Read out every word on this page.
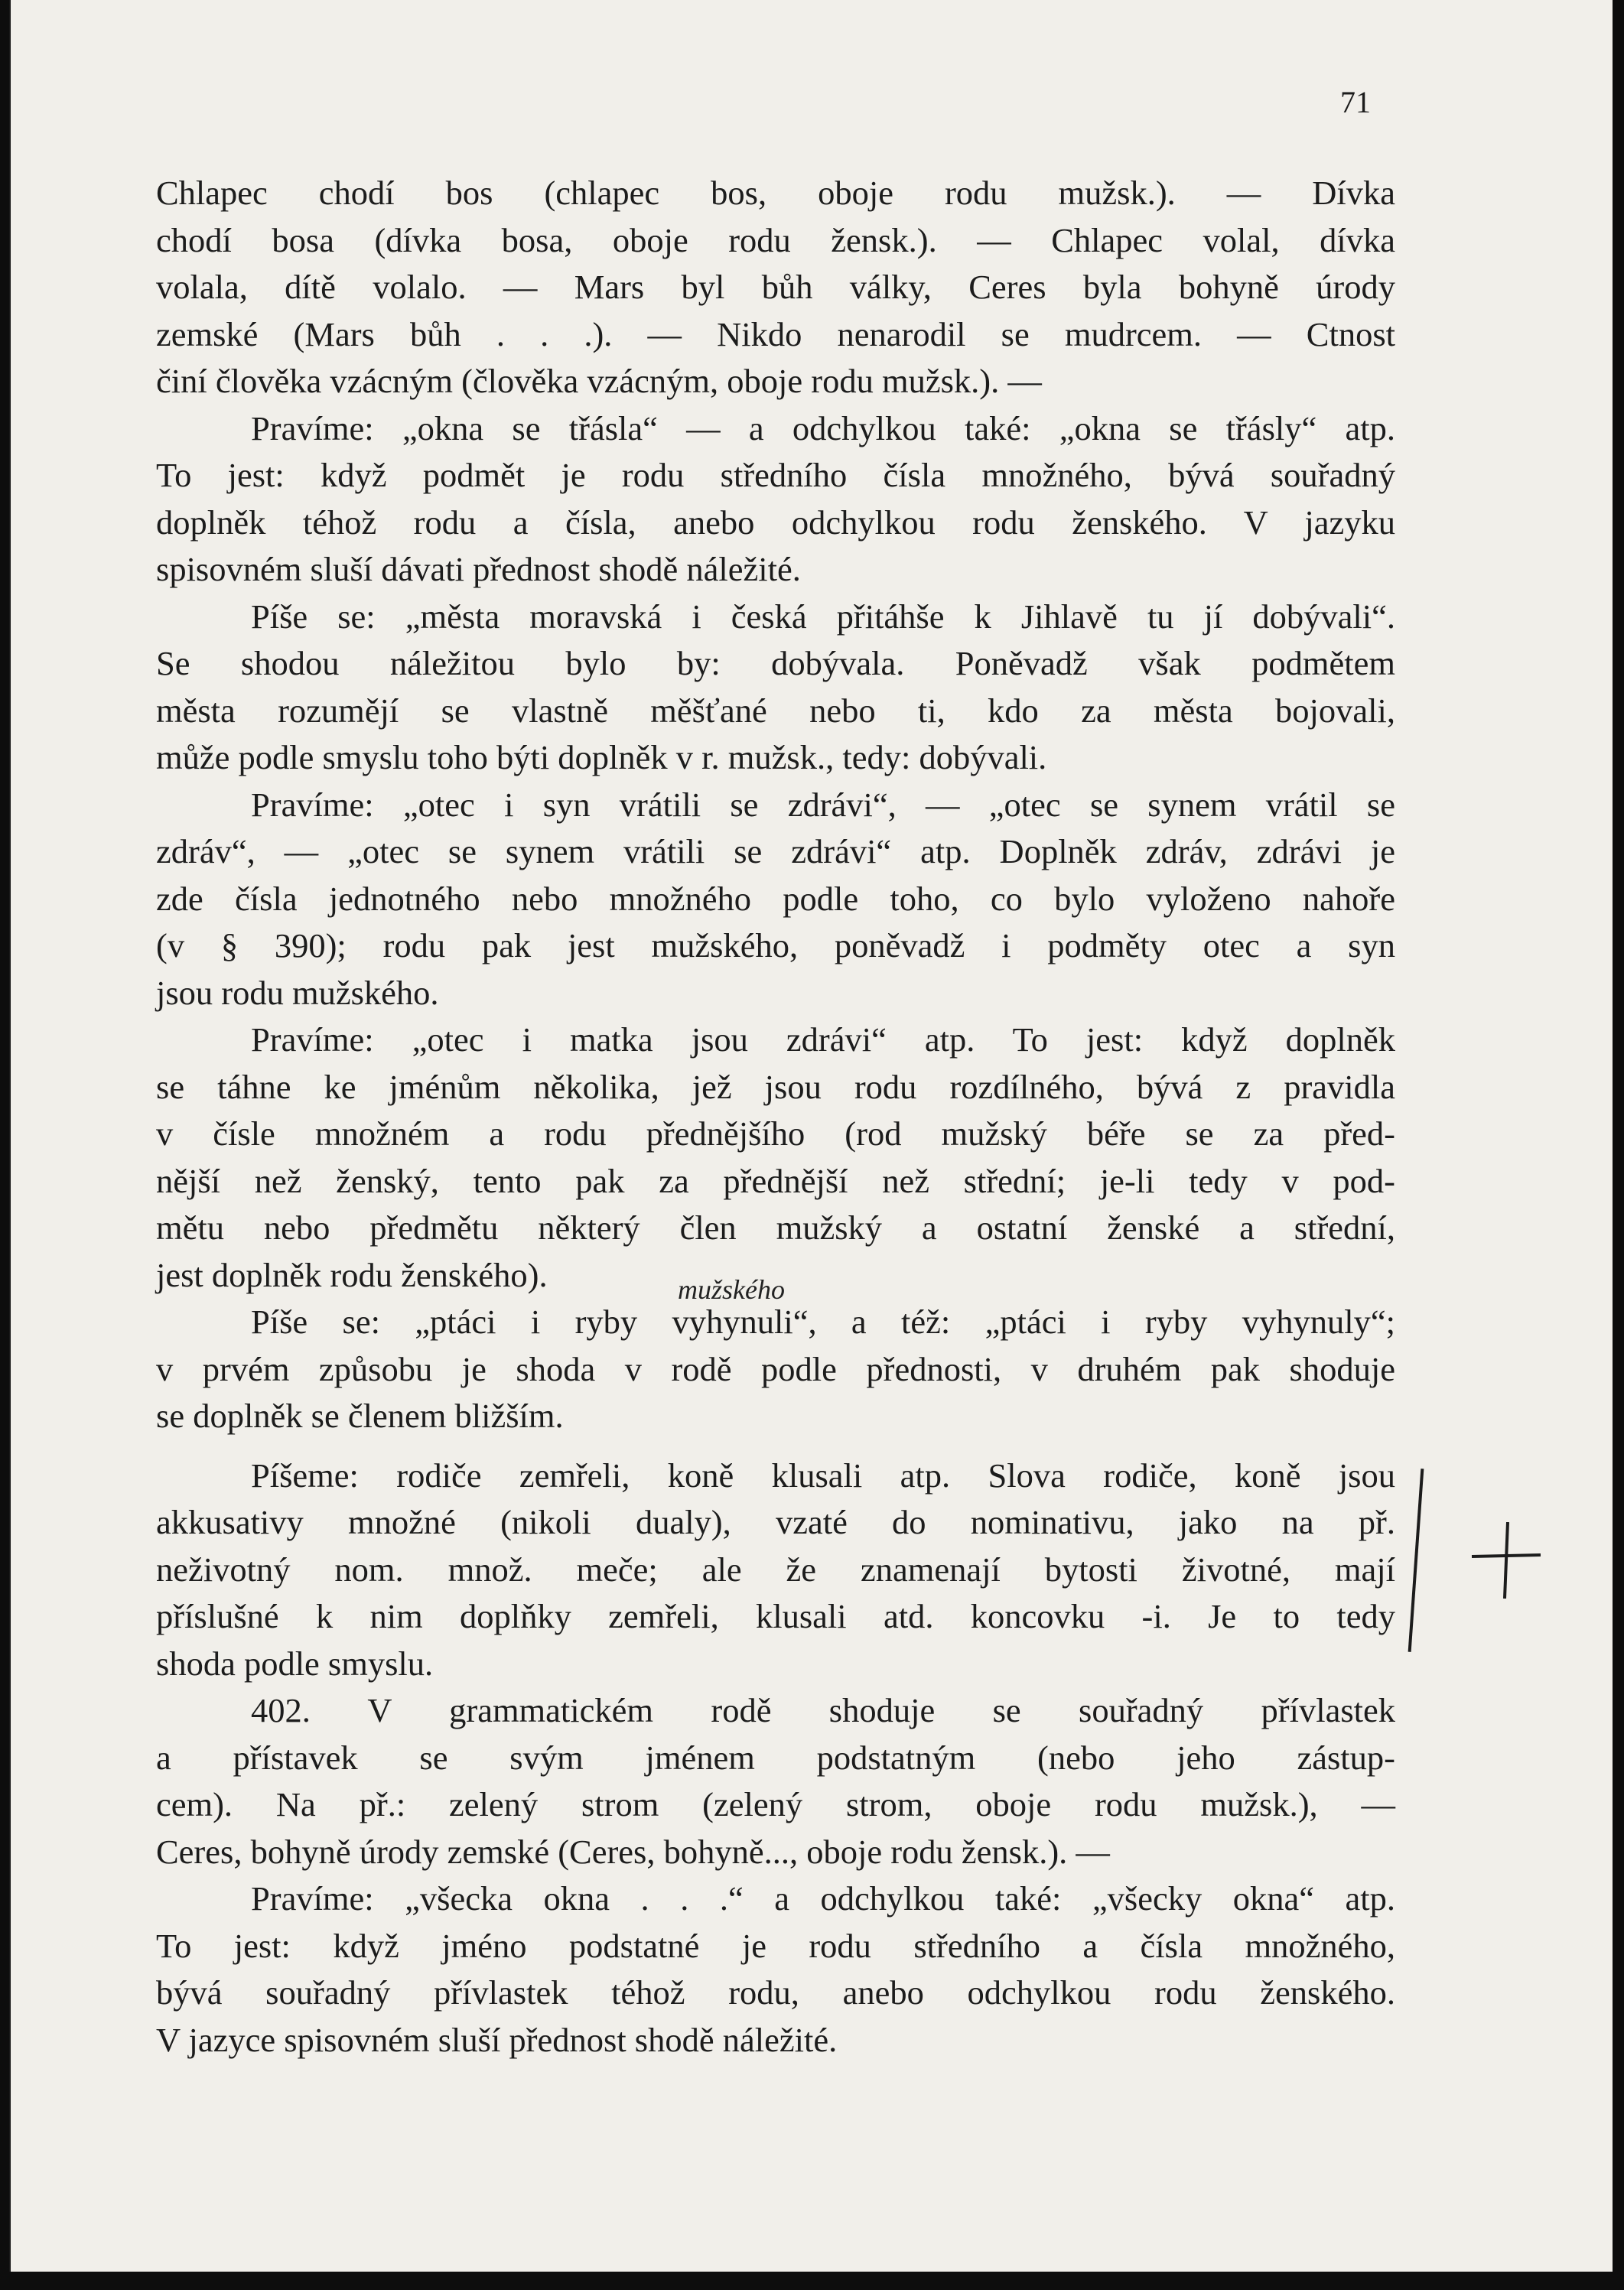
71
Chlapec chodí bos (chlapec bos, oboje rodu mužsk.). — Dívka
chodí bosa (dívka bosa, oboje rodu žensk.). — Chlapec volal, dívka
volala, dítě volalo. — Mars byl bůh války, Ceres byla bohyně úrody
zemské (Mars bůh . . .). — Nikdo nenarodil se mudrcem. — Ctnost
činí člověka vzácným (člověka vzácným, oboje rodu mužsk.). —
Pravíme: „okna se třásla“ — a odchylkou také: „okna se třásly“ atp.
To jest: když podmět je rodu středního čísla množného, bývá souřadný
doplněk téhož rodu a čísla, anebo odchylkou rodu ženského. V jazyku
spisovném sluší dávati přednost shodě náležité.
Píše se: „města moravská i česká přitáhše k Jihlavě tu jí dobývali“.
Se shodou náležitou bylo by: dobývala. Poněvadž však podmětem
města rozumějí se vlastně měšťané nebo ti, kdo za města bojovali,
může podle smyslu toho býti doplněk v r. mužsk., tedy: dobývali.
Pravíme: „otec i syn vrátili se zdrávi“, — „otec se synem vrátil se
zdráv“, — „otec se synem vrátili se zdrávi“ atp. Doplněk zdráv, zdrávi je
zde čísla jednotného nebo množného podle toho, co bylo vyloženo nahoře
(v § 390); rodu pak jest mužského, poněvadž i podměty otec a syn
jsou rodu mužského.
Pravíme: „otec i matka jsou zdrávi“ atp. To jest: když doplněk
se táhne ke jménům několika, jež jsou rodu rozdílného, bývá z pravidla
v čísle množném a rodu přednějšího (rod mužský béře se za před-
nější než ženský, tento pak za přednější než střední; je-li tedy v pod-
mětu nebo předmětu některý člen mužský a ostatní ženské a střední,
jest doplněk rodu ženského).
Píše se: „ptáci i ryby vyhynuli“, a též: „ptáci i ryby vyhynuly“;
v prvém způsobu je shoda v rodě podle přednosti, v druhém pak shoduje
se doplněk se členem bližším.
Píšeme: rodiče zemřeli, koně klusali atp. Slova rodiče, koně jsou
akkusativy množné (nikoli dualy), vzaté do nominativu, jako na př.
neživotný nom. množ. meče; ale že znamenají bytosti životné, mají
příslušné k nim doplňky zemřeli, klusali atd. koncovku -i. Je to tedy
shoda podle smyslu.
402. V grammatickém rodě shoduje se souřadný přívlastek
a přístavek se svým jménem podstatným (nebo jeho zástup-
cem). Na př.: zelený strom (zelený strom, oboje rodu mužsk.), —
Ceres, bohyně úrody zemské (Ceres, bohyně..., oboje rodu žensk.). —
Pravíme: „všecka okna . . .“ a odchylkou také: „všecky okna“ atp.
To jest: když jméno podstatné je rodu středního a čísla množného,
bývá souřadný přívlastek téhož rodu, anebo odchylkou rodu ženského.
V jazyce spisovném sluší přednost shodě náležité.
mužského
